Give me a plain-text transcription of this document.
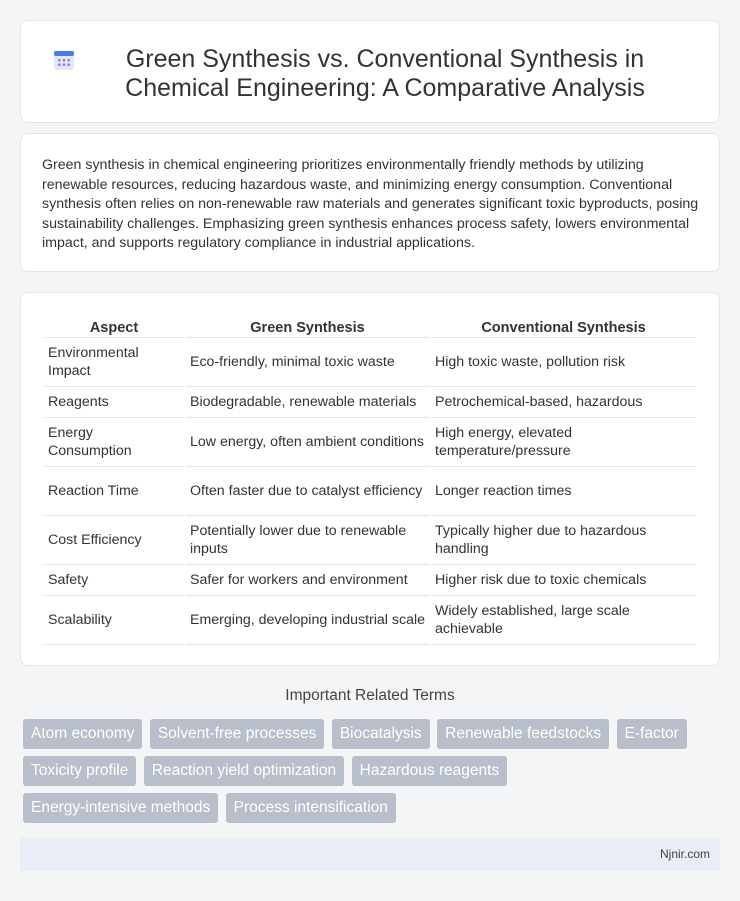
Green Synthesis vs. Conventional Synthesis in Chemical Engineering: A Comparative Analysis

Green synthesis in chemical engineering prioritizes environmentally friendly methods by utilizing renewable resources, reducing hazardous waste, and minimizing energy consumption. Conventional synthesis often relies on non-renewable raw materials and generates significant toxic byproducts, posing sustainability challenges. Emphasizing green synthesis enhances process safety, lowers environmental impact, and supports regulatory compliance in industrial applications.

Aspect	Green Synthesis	Conventional Synthesis
Environmental Impact	Eco-friendly, minimal toxic waste	High toxic waste, pollution risk
Reagents	Biodegradable, renewable materials	Petrochemical-based, hazardous
Energy Consumption	Low energy, often ambient conditions	High energy, elevated temperature/pressure
Reaction Time	Often faster due to catalyst efficiency	Longer reaction times
Cost Efficiency	Potentially lower due to renewable inputs	Typically higher due to hazardous handling
Safety	Safer for workers and environment	Higher risk due to toxic chemicals
Scalability	Emerging, developing industrial scale	Widely established, large scale achievable
Important Related Terms
Atom economy Solvent-free processes Biocatalysis Renewable feedstocks E-factor
Toxicity profile Reaction yield optimization Hazardous reagents
Energy-intensive methods Process intensification
Njnir.com
